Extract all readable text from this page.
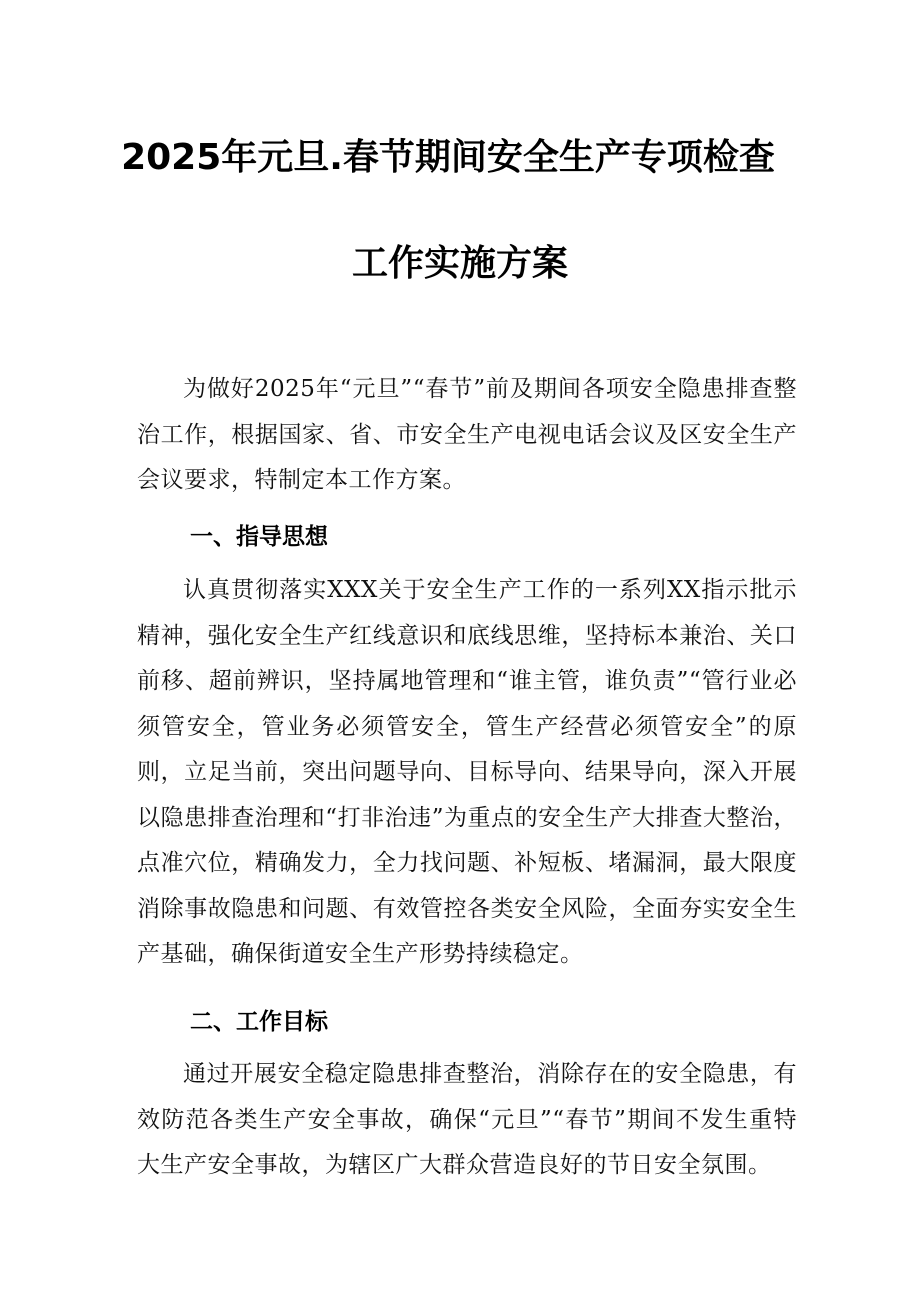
2025年元旦.春节期间安全生产专项检查
工作实施方案
为做好2025年“元旦”“春节”前及期间各项安全隐患排查整治工作，根据国家、省、市安全生产电视电话会议及区安全生产会议要求，特制定本工作方案。
一、指导思想
认真贯彻落实XXX关于安全生产工作的一系列XX指示批示精神，强化安全生产红线意识和底线思维，坚持标本兼治、关口前移、超前辨识，坚持属地管理和“谁主管，谁负责”“管行业必须管安全，管业务必须管安全，管生产经营必须管安全”的原则，立足当前，突出问题导向、目标导向、结果导向，深入开展以隐患排查治理和“打非治违”为重点的安全生产大排查大整治，点准穴位，精确发力，全力找问题、补短板、堵漏洞，最大限度消除事故隐患和问题、有效管控各类安全风险，全面夯实安全生产基础，确保街道安全生产形势持续稳定。
二、工作目标
通过开展安全稳定隐患排查整治，消除存在的安全隐患，有效防范各类生产安全事故，确保“元旦”“春节”期间不发生重特大生产安全事故，为辖区广大群众营造良好的节日安全氛围。
